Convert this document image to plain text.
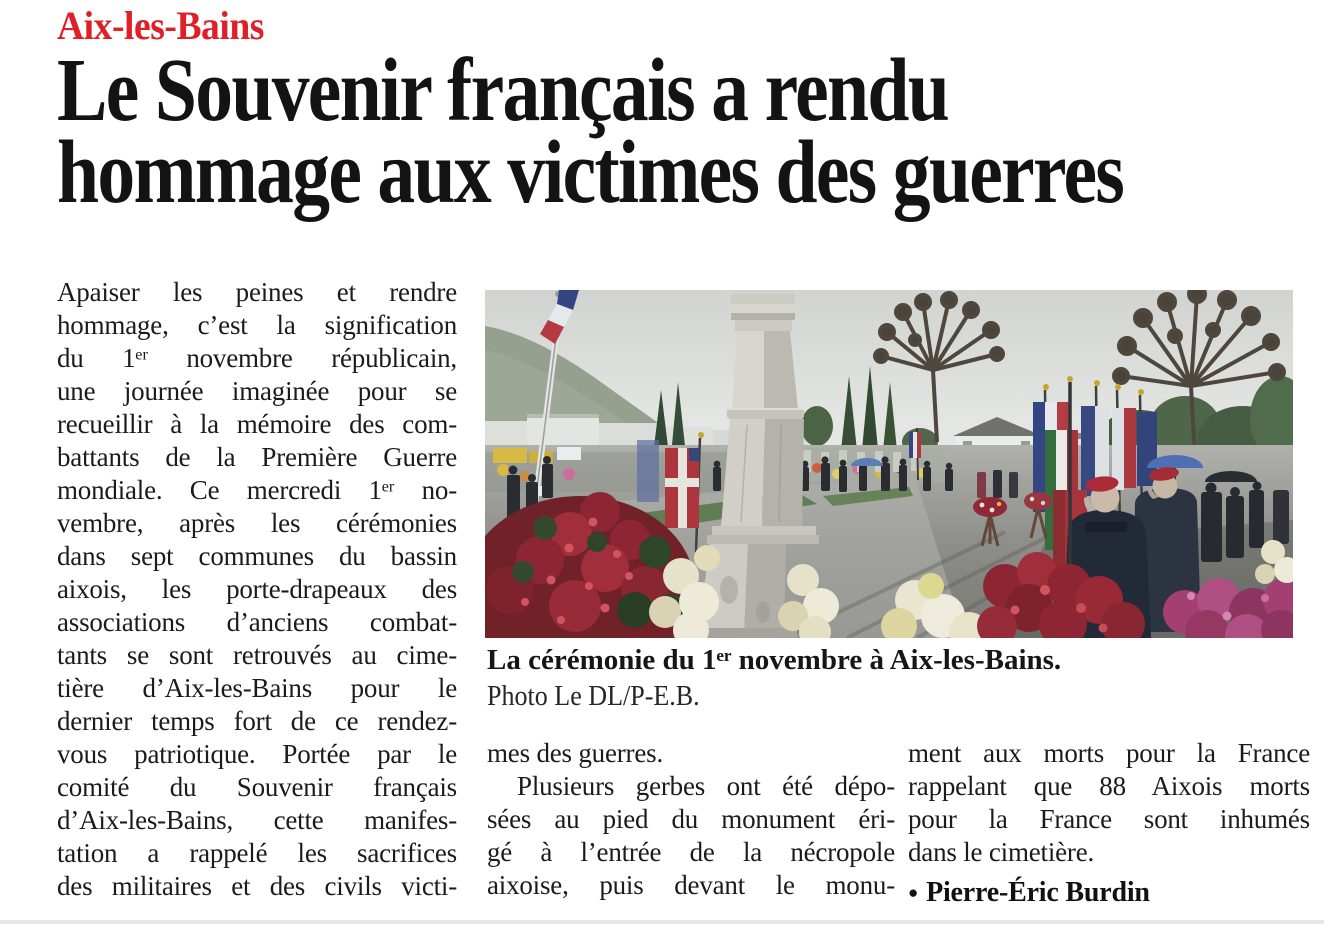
Aix-les-Bains
Le Souvenir français a rendu
hommage aux victimes des guerres
Apaiser les peines et rendre
hommage, c’est la signification
du 1ᵉʳ novembre républicain,
une journée imaginée pour se
recueillir à la mémoire des com-
battants de la Première Guerre
mondiale. Ce mercredi 1ᵉʳ no-
vembre, après les cérémonies
dans sept communes du bassin
aixois, les porte-drapeaux des
associations d’anciens combat-
tants se sont retrouvés au cime-
tière d’Aix-les-Bains pour le
dernier temps fort de ce rendez-
vous patriotique. Portée par le
comité du Souvenir français
d’Aix-les-Bains, cette manifes-
tation a rappelé les sacrifices
des militaires et des civils victi-
La cérémonie du 1ᵉʳ novembre à Aix-les-Bains.
Photo Le DL/P-E.B.
mes des guerres.
Plusieurs gerbes ont été dépo-
sées au pied du monument éri-
gé à l’entrée de la nécropole
aixoise, puis devant le monu-
ment aux morts pour la France
rappelant que 88 Aixois morts
pour la France sont inhumés
dans le cimetière.
● Pierre-Éric Burdin
